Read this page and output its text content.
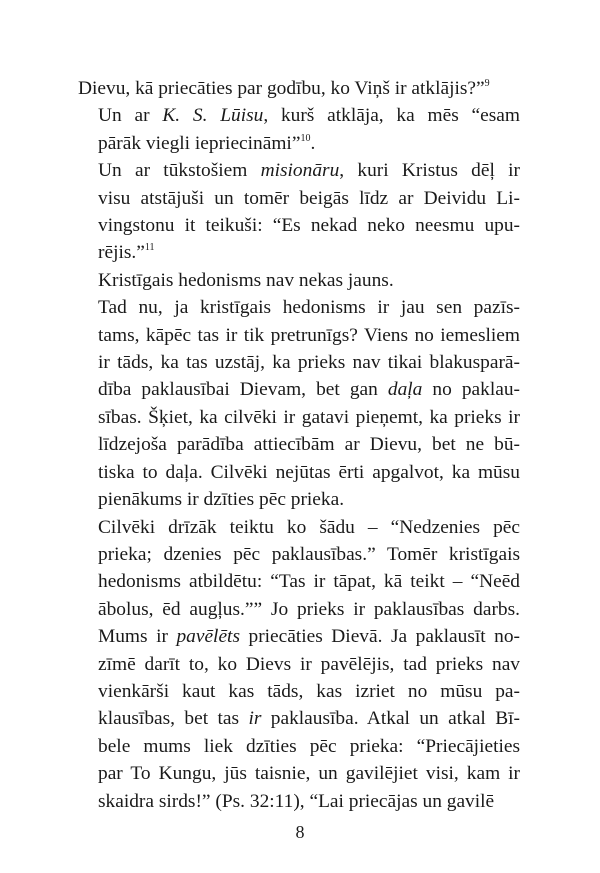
Dievu, kā priecāties par godību, ko Viņš ir atklājis?”$^9$
Un ar K. S. Lūisu, kurš atklāja, ka mēs “esam
pārāk viegli iepriecināmi”$^{10}$.
Un ar tūkstošiem misionāru, kuri Kristus dēļ ir
visu atstājuši un tomēr beigās līdz ar Deividu Li-
vingstonu it teikuši: “Es nekad neko neesmu upu-
rējis.”$^{11}$
Kristīgais hedonisms nav nekas jauns.
Tad nu, ja kristīgais hedonisms ir jau sen pazīs-
tams, kāpēc tas ir tik pretrunīgs? Viens no iemesliem
ir tāds, ka tas uzstāj, ka prieks nav tikai blakusparā-
dība paklausībai Dievam, bet gan daļa no paklau-
sības. Šķiet, ka cilvēki ir gatavi pieņemt, ka prieks ir
līdzejoša parādība attiecībām ar Dievu, bet ne bū-
tiska to daļa. Cilvēki nejūtas ērti apgalvot, ka mūsu
pienākums ir dzīties pēc prieka.
Cilvēki drīzāk teiktu ko šādu – “Nedzenies pēc
prieka; dzenies pēc paklausības.” Tomēr kristīgais
hedonisms atbildētu: “Tas ir tāpat, kā teikt – “Neēd
ābolus, ēd augļus.”” Jo prieks ir paklausības darbs.
Mums ir pavēlēts priecāties Dievā. Ja paklausīt no-
zīmē darīt to, ko Dievs ir pavēlējis, tad prieks nav
vienkārši kaut kas tāds, kas izriet no mūsu pa-
klausības, bet tas ir paklausība. Atkal un atkal Bī-
bele mums liek dzīties pēc prieka: “Priecājieties
par To Kungu, jūs taisnie, un gavilējiet visi, kam ir
skaidra sirds!” (Ps. 32:11), “Lai priecājas un gavilē
8
